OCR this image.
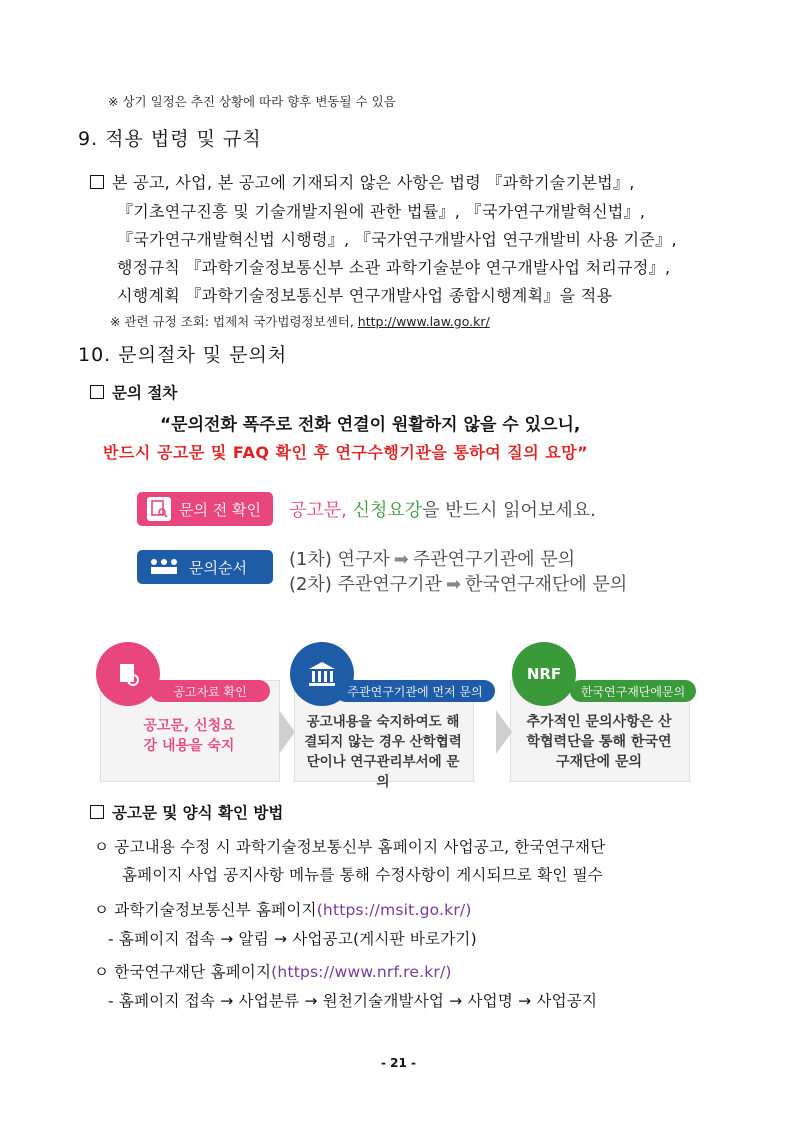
※ 상기 일정은 추진 상황에 따라 향후 변동될 수 있음
9. 적용 법령 및 규칙
본 공고, 사업, 본 공고에 기재되지 않은 사항은 법령 『과학기술기본법』,
『기초연구진흥 및 기술개발지원에 관한 법률』, 『국가연구개발혁신법』,
『국가연구개발혁신법 시행령』, 『국가연구개발사업 연구개발비 사용 기준』,
행정규칙 『과학기술정보통신부 소관 과학기술분야 연구개발사업 처리규정』,
시행계획 『과학기술정보통신부 연구개발사업 종합시행계획』을 적용
※ 관련 규정 조회: 법제처 국가법령정보센터, http://www.law.go.kr/
10. 문의절차 및 문의처
문의 절차
“문의전화 폭주로 전화 연결이 원활하지 않을 수 있으니,
반드시 공고문 및 FAQ 확인 후 연구수행기관을 통하여 질의 요망”
문의 전 확인 공고문, 신청요강을 반드시 읽어보세요.
문의순서 (1차) 연구자 ➡ 주관연구기관에 문의
(2차) 주관연구기관 ➡ 한국연구재단에 문의
NRF
공고자료 확인	주관연구기관에 먼저 문의	한국연구재단에문의
공고문, 신청요강 내용을 숙지
공고내용을 숙지하여도 해결되지 않는 경우 산학협력단이나 연구관리부서에 문의
추가적인 문의사항은 산학협력단을 통해 한국연구재단에 문의
공고문 및 양식 확인 방법
ㅇ 공고내용 수정 시 과학기술정보통신부 홈페이지 사업공고, 한국연구재단
홈페이지 사업 공지사항 메뉴를 통해 수정사항이 게시되므로 확인 필수
ㅇ 과학기술정보통신부 홈페이지(https://msit.go.kr/)
- 홈페이지 접속 → 알림 → 사업공고(게시판 바로가기)
ㅇ 한국연구재단 홈페이지(https://www.nrf.re.kr/)
- 홈페이지 접속 → 사업분류 → 원천기술개발사업 → 사업명 → 사업공지
- 21 -
